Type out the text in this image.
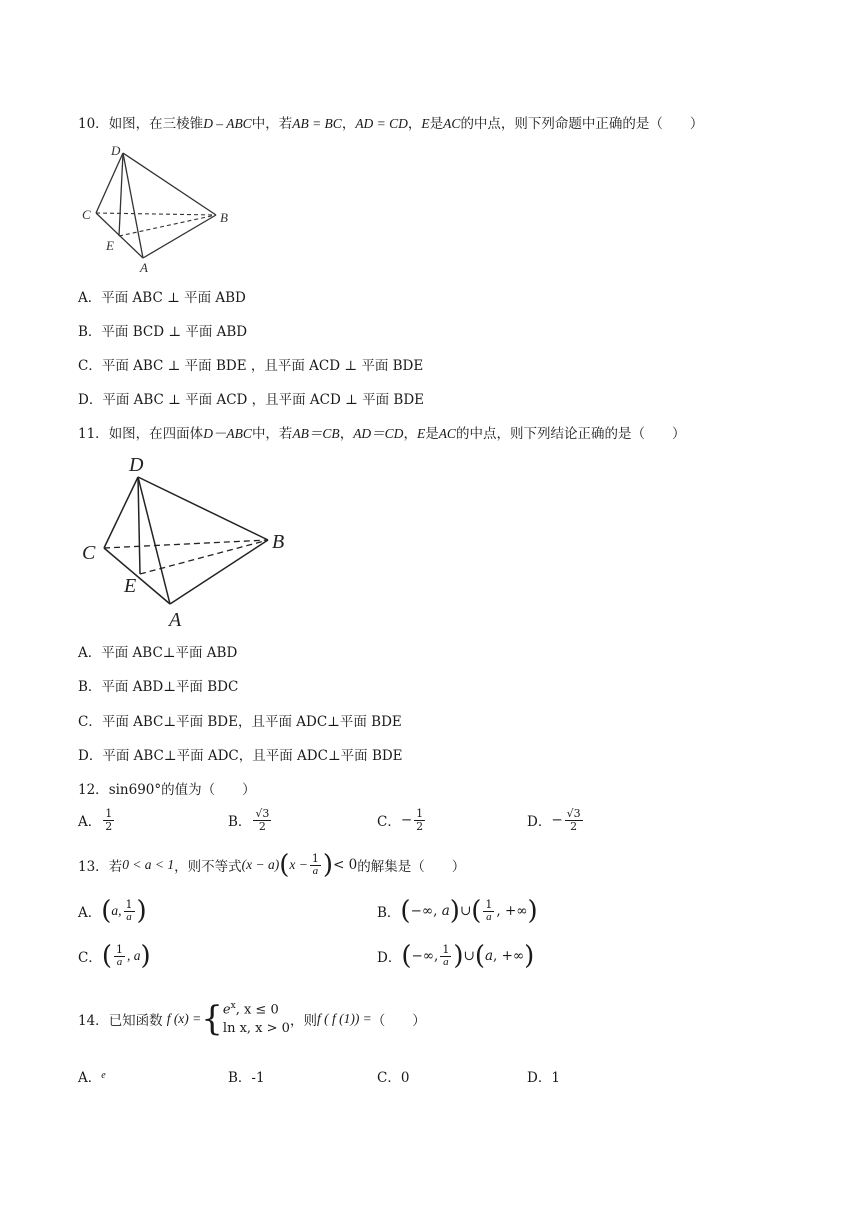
10．如图，在三棱锥D – ABC中，若AB = BC，AD = CD，E是AC的中点，则下列命题中正确的是（　　）
D
C	B
E
A
A．平面 ABC ⊥ 平面 ABD
B．平面 BCD ⊥ 平面 ABD
C．平面 ABC ⊥ 平面 BDE ，且平面 ACD ⊥ 平面 BDE
D．平面 ABC ⊥ 平面 ACD ，且平面 ACD ⊥ 平面 BDE
11．如图，在四面体D－ABC中，若AB＝CB，AD＝CD，E是AC的中点，则下列结论正确的是（　　）
D
C	B
E
A
A．平面 ABC⊥平面 ABD
B．平面 ABD⊥平面 BDC
C．平面 ABC⊥平面 BDE，且平面 ADC⊥平面 BDE
D．平面 ABC⊥平面 ADC，且平面 ADC⊥平面 BDE
12．sin690°的值为（　　）
A． $\frac{1}{2}$	B． $\frac{√3}{2}$	C．− $\frac{1}{2}$	D．− $\frac{√3}{2}$
13．若0 < a < 1，则不等式$(x - a)(x - \frac{1}{a}$ )< 0的解集是（　　）
A．(a, $\frac{1}{a}$ )	B．(−∞, a)∪( $\frac{1}{a}$ , +∞)
C．( $\frac{1}{a}$ , a)	D．(−∞, $\frac{1}{a}$ )∪(a, +∞)
14．已知函数 f (x) ={ $e^x$, x ≤ 0
ln x, x > 0 ，则f ( f (1)) =（　　）
A．$^e$	B．-1	C．0	D．1
